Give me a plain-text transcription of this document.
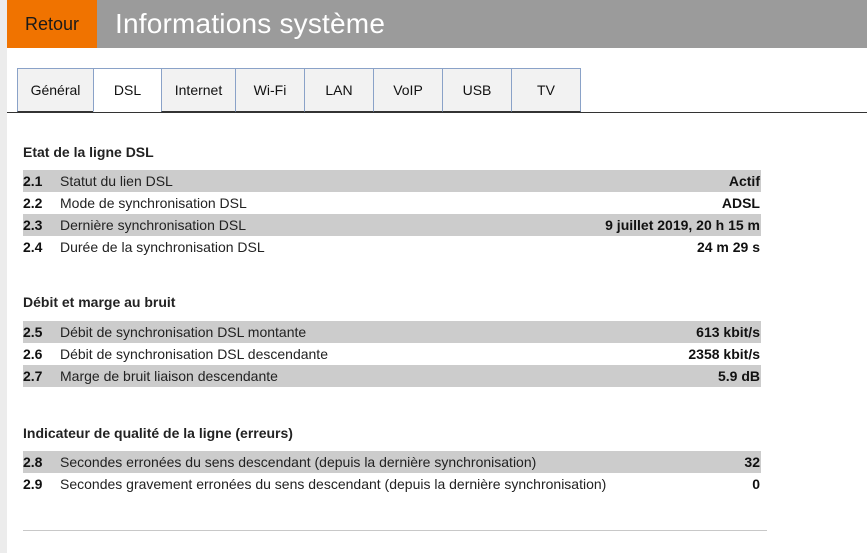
Retour	Informations système
Général	DSL	Internet	Wi-Fi	LAN	VoIP	USB	TV
Etat de la ligne DSL
2.1	Statut du lien DSL	Actif
2.2	Mode de synchronisation DSL	ADSL
2.3	Dernière synchronisation DSL	9 juillet 2019, 20 h 15 m
2.4	Durée de la synchronisation DSL	24 m 29 s
Débit et marge au bruit
2.5	Débit de synchronisation DSL montante	613 kbit/s
2.6	Débit de synchronisation DSL descendante	2358 kbit/s
2.7	Marge de bruit liaison descendante	5.9 dB
Indicateur de qualité de la ligne (erreurs)
2.8	Secondes erronées du sens descendant (depuis la dernière synchronisation)	32
2.9	Secondes gravement erronées du sens descendant (depuis la dernière synchronisation)	0
